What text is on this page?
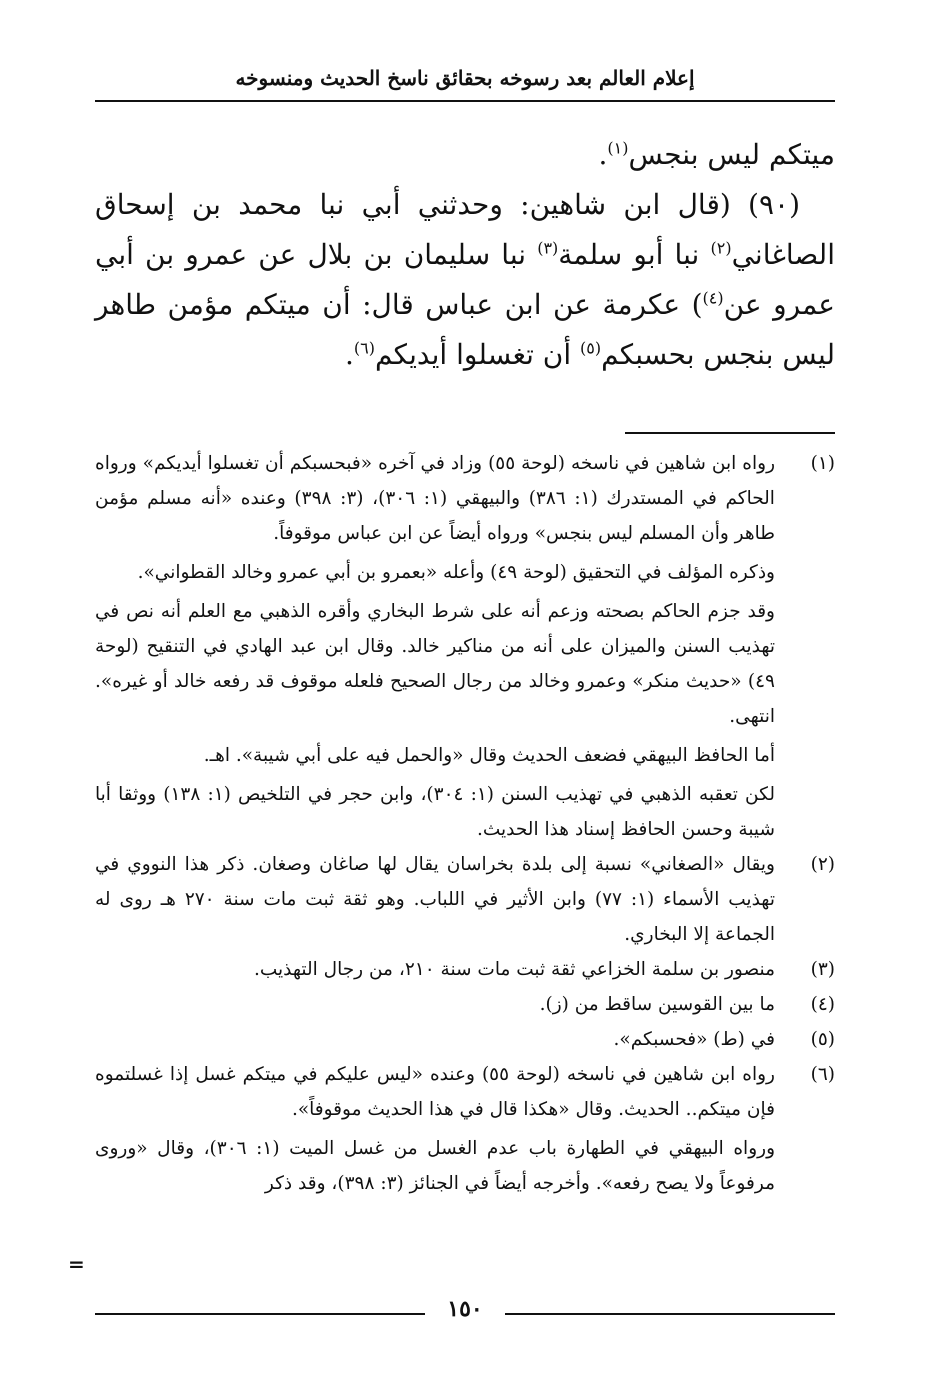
إعلام العالم بعد رسوخه بحقائق ناسخ الحديث ومنسوخه

ميتكم ليس بنجس$^{(١)}$.

(٩٠) (قال ابن شاهين: وحدثني أبي نبا محمد بن إسحاق الصاغاني$^{(٢)}$ نبا أبو سلمة$^{(٣)}$ نبا سليمان بن بلال عن عمرو بن أبي عمرو عن$^{(٤)}$) عكرمة عن ابن عباس قال: أن ميتكم مؤمن طاهر ليس بنجس بحسبكم$^{(٥)}$ أن تغسلوا أيديكم$^{(٦)}$.

(١)

رواه ابن شاهين في ناسخه (لوحة ٥٥) وزاد في آخره «فبحسبكم أن تغسلوا أيديكم» ورواه الحاكم في المستدرك (١: ٣٨٦) والبيهقي (١: ٣٠٦)، (٣: ٣٩٨) وعنده «أنه مسلم مؤمن طاهر وأن المسلم ليس بنجس» ورواه أيضاً عن ابن عباس موقوفاً.

وذكره المؤلف في التحقيق (لوحة ٤٩) وأعله «بعمرو بن أبي عمرو وخالد القطواني».

وقد جزم الحاكم بصحته وزعم أنه على شرط البخاري وأقره الذهبي مع العلم أنه نص في تهذيب السنن والميزان على أنه من مناكير خالد. وقال ابن عبد الهادي في التنقيح (لوحة ٤٩) «حديث منكر» وعمرو وخالد من رجال الصحيح فلعله موقوف قد رفعه خالد أو غيره». انتهى.

أما الحافظ البيهقي فضعف الحديث وقال «والحمل فيه على أبي شيبة». اهـ.

لكن تعقبه الذهبي في تهذيب السنن (١: ٣٠٤)، وابن حجر في التلخيص (١: ١٣٨) ووثقا أبا شيبة وحسن الحافظ إسناد هذا الحديث.

(٢)

ويقال «الصغاني» نسبة إلى بلدة بخراسان يقال لها صاغان وصغان. ذكر هذا النووي في تهذيب الأسماء (١: ٧٧) وابن الأثير في اللباب. وهو ثقة ثبت مات سنة ٢٧٠ هـ روى له الجماعة إلا البخاري.

(٣)

منصور بن سلمة الخزاعي ثقة ثبت مات سنة ٢١٠، من رجال التهذيب.

(٤)

ما بين القوسين ساقط من (ز).

(٥)

في (ط) «فحسبكم».

(٦)

رواه ابن شاهين في ناسخه (لوحة ٥٥) وعنده «ليس عليكم في ميتكم غسل إذا غسلتموه فإن ميتكم.. الحديث. وقال «هكذا قال في هذا الحديث موقوفاً».

ورواه البيهقي في الطهارة باب عدم الغسل من غسل الميت (١: ٣٠٦)، وقال «وروى مرفوعاً ولا يصح رفعه». وأخرجه أيضاً في الجنائز (٣: ٣٩٨)، وقد ذكر

=
١٥٠
